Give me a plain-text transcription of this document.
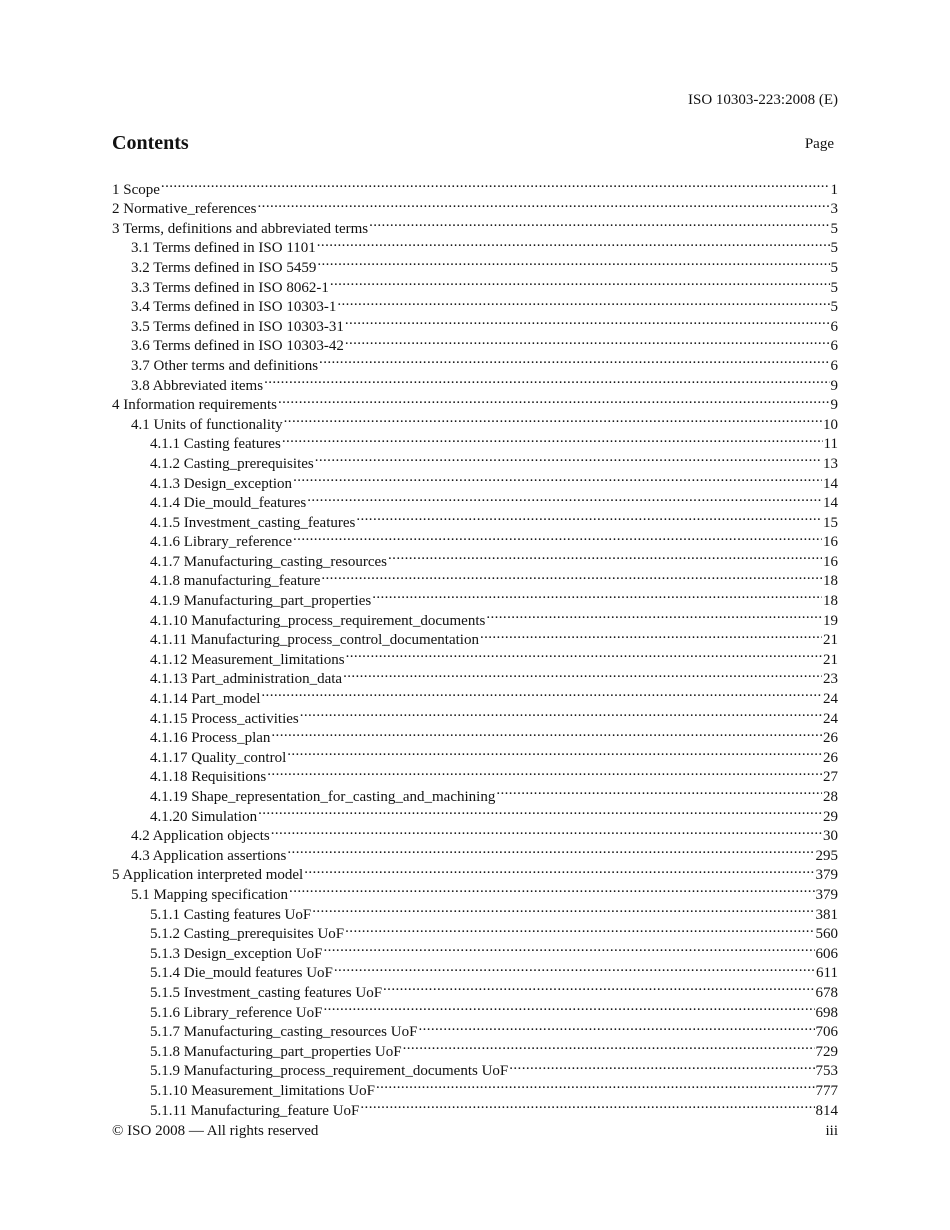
ISO 10303-223:2008 (E)
Contents	Page
1 Scope .....	1
2 Normative_references .....	3
3 Terms, definitions and abbreviated terms .....	5
3.1 Terms defined in ISO 1101 .....	5
3.2 Terms defined in ISO 5459 .....	5
3.3 Terms defined in ISO 8062-1 .....	5
3.4 Terms defined in ISO 10303-1 .....	5
3.5 Terms defined in ISO 10303-31 .....	6
3.6 Terms defined in ISO 10303-42 .....	6
3.7 Other terms and definitions .....	6
3.8 Abbreviated items .....	9
4 Information requirements .....	9
4.1 Units of functionality .....	10
4.1.1 Casting features .....	11
4.1.2 Casting_prerequisites .....	13
4.1.3 Design_exception .....	14
4.1.4 Die_mould_features .....	14
4.1.5 Investment_casting_features .....	15
4.1.6 Library_reference .....	16
4.1.7 Manufacturing_casting_resources .....	16
4.1.8 manufacturing_feature .....	18
4.1.9 Manufacturing_part_properties .....	18
4.1.10 Manufacturing_process_requirement_documents .....	19
4.1.11 Manufacturing_process_control_documentation .....	21
4.1.12 Measurement_limitations .....	21
4.1.13 Part_administration_data .....	23
4.1.14 Part_model .....	24
4.1.15 Process_activities .....	24
4.1.16 Process_plan .....	26
4.1.17 Quality_control .....	26
4.1.18 Requisitions .....	27
4.1.19 Shape_representation_for_casting_and_machining .....	28
4.1.20 Simulation .....	29
4.2 Application objects .....	30
4.3 Application assertions .....	295
5 Application interpreted model .....	379
5.1 Mapping specification .....	379
5.1.1 Casting features UoF .....	381
5.1.2 Casting_prerequisites UoF .....	560
5.1.3 Design_exception UoF .....	606
5.1.4 Die_mould features UoF .....	611
5.1.5 Investment_casting features UoF .....	678
5.1.6 Library_reference UoF .....	698
5.1.7 Manufacturing_casting_resources UoF .....	706
5.1.8 Manufacturing_part_properties UoF .....	729
5.1.9 Manufacturing_process_requirement_documents UoF .....	753
5.1.10 Measurement_limitations UoF .....	777
5.1.11 Manufacturing_feature UoF .....	814
© ISO 2008 — All rights reserved	iii
